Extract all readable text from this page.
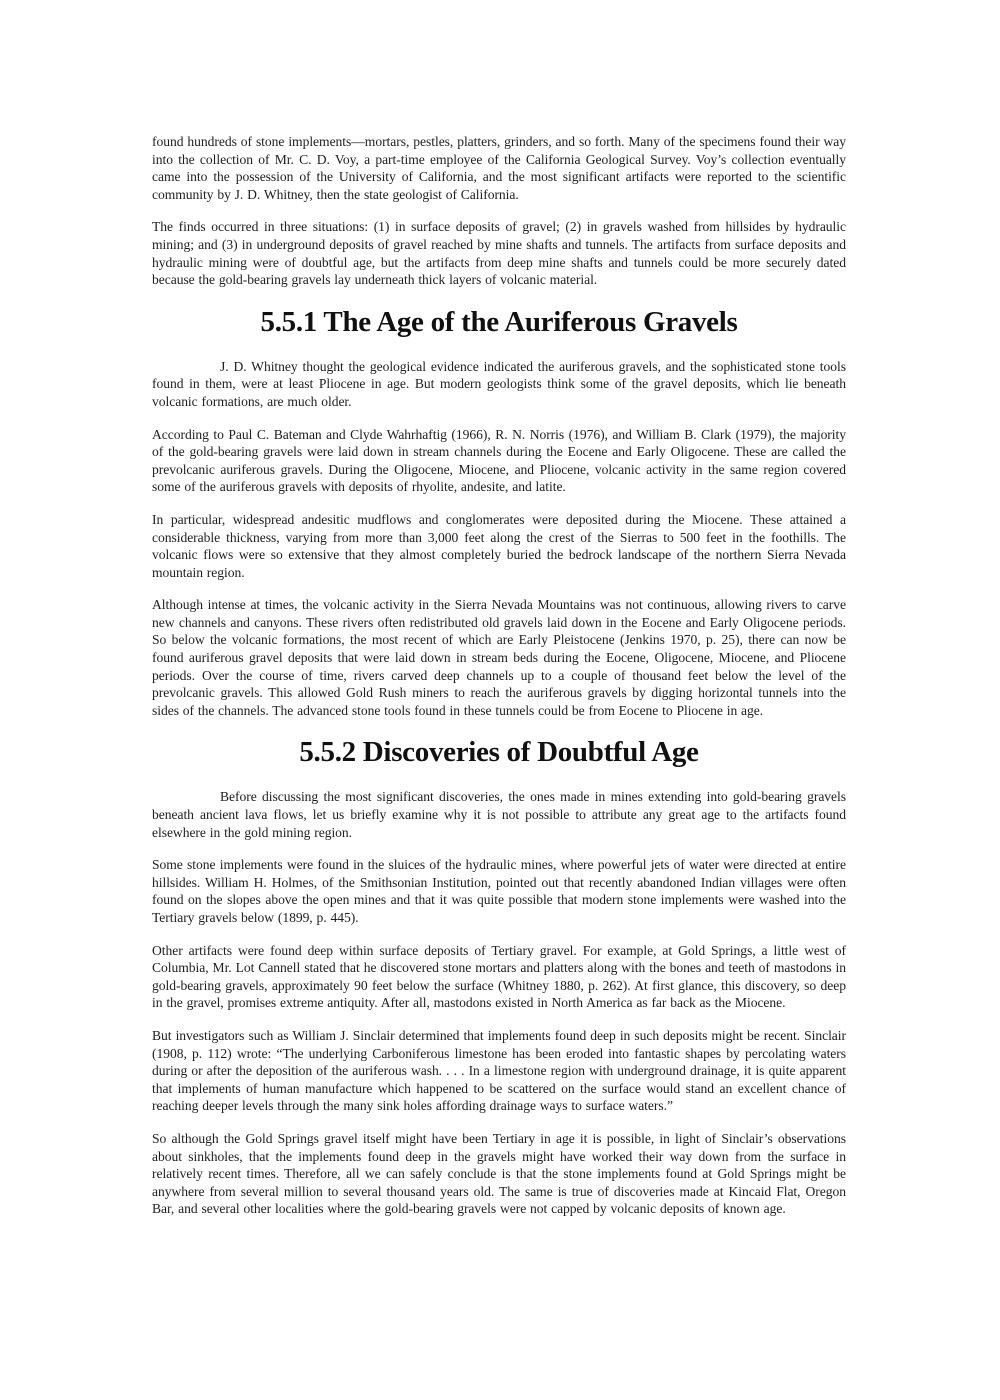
found hundreds of stone implements—mortars, pestles, platters, grinders, and so forth. Many of the specimens found their way into the collection of Mr. C. D. Voy, a part-time employee of the California Geological Survey. Voy’s collection eventually came into the possession of the University of California, and the most significant artifacts were reported to the scientific community by J. D. Whitney, then the state geologist of California.

The finds occurred in three situations: (1) in surface deposits of gravel; (2) in gravels washed from hillsides by hydraulic mining; and (3) in underground deposits of gravel reached by mine shafts and tunnels. The artifacts from surface deposits and hydraulic mining were of doubtful age, but the artifacts from deep mine shafts and tunnels could be more securely dated because the gold-bearing gravels lay underneath thick layers of volcanic material.

5.5.1 The Age of the Auriferous Gravels

J. D. Whitney thought the geological evidence indicated the auriferous gravels, and the sophisticated stone tools found in them, were at least Pliocene in age. But modern geologists think some of the gravel deposits, which lie beneath volcanic formations, are much older.

According to Paul C. Bateman and Clyde Wahrhaftig (1966), R. N. Norris (1976), and William B. Clark (1979), the majority of the gold-bearing gravels were laid down in stream channels during the Eocene and Early Oligocene. These are called the prevolcanic auriferous gravels. During the Oligocene, Miocene, and Pliocene, volcanic activity in the same region covered some of the auriferous gravels with deposits of rhyolite, andesite, and latite.

In particular, widespread andesitic mudflows and conglomerates were deposited during the Miocene. These attained a considerable thickness, varying from more than 3,000 feet along the crest of the Sierras to 500 feet in the foothills. The volcanic flows were so extensive that they almost completely buried the bedrock landscape of the northern Sierra Nevada mountain region.

Although intense at times, the volcanic activity in the Sierra Nevada Mountains was not continuous, allowing rivers to carve new channels and canyons. These rivers often redistributed old gravels laid down in the Eocene and Early Oligocene periods. So below the volcanic formations, the most recent of which are Early Pleistocene (Jenkins 1970, p. 25), there can now be found auriferous gravel deposits that were laid down in stream beds during the Eocene, Oligocene, Miocene, and Pliocene periods. Over the course of time, rivers carved deep channels up to a couple of thousand feet below the level of the prevolcanic gravels. This allowed Gold Rush miners to reach the auriferous gravels by digging horizontal tunnels into the sides of the channels. The advanced stone tools found in these tunnels could be from Eocene to Pliocene in age.

5.5.2 Discoveries of Doubtful Age

Before discussing the most significant discoveries, the ones made in mines extending into gold-bearing gravels beneath ancient lava flows, let us briefly examine why it is not possible to attribute any great age to the artifacts found elsewhere in the gold mining region.

Some stone implements were found in the sluices of the hydraulic mines, where powerful jets of water were directed at entire hillsides. William H. Holmes, of the Smithsonian Institution, pointed out that recently abandoned Indian villages were often found on the slopes above the open mines and that it was quite possible that modern stone implements were washed into the Tertiary gravels below (1899, p. 445).

Other artifacts were found deep within surface deposits of Tertiary gravel. For example, at Gold Springs, a little west of Columbia, Mr. Lot Cannell stated that he discovered stone mortars and platters along with the bones and teeth of mastodons in gold-bearing gravels, approximately 90 feet below the surface (Whitney 1880, p. 262). At first glance, this discovery, so deep in the gravel, promises extreme antiquity. After all, mastodons existed in North America as far back as the Miocene.

But investigators such as William J. Sinclair determined that implements found deep in such deposits might be recent. Sinclair (1908, p. 112) wrote: “The underlying Carboniferous limestone has been eroded into fantastic shapes by percolating waters during or after the deposition of the auriferous wash. . . . In a limestone region with underground drainage, it is quite apparent that implements of human manufacture which happened to be scattered on the surface would stand an excellent chance of reaching deeper levels through the many sink holes affording drainage ways to surface waters.”

So although the Gold Springs gravel itself might have been Tertiary in age it is possible, in light of Sinclair’s observations about sinkholes, that the implements found deep in the gravels might have worked their way down from the surface in relatively recent times. Therefore, all we can safely conclude is that the stone implements found at Gold Springs might be anywhere from several million to several thousand years old. The same is true of discoveries made at Kincaid Flat, Oregon Bar, and several other localities where the gold-bearing gravels were not capped by volcanic deposits of known age.
